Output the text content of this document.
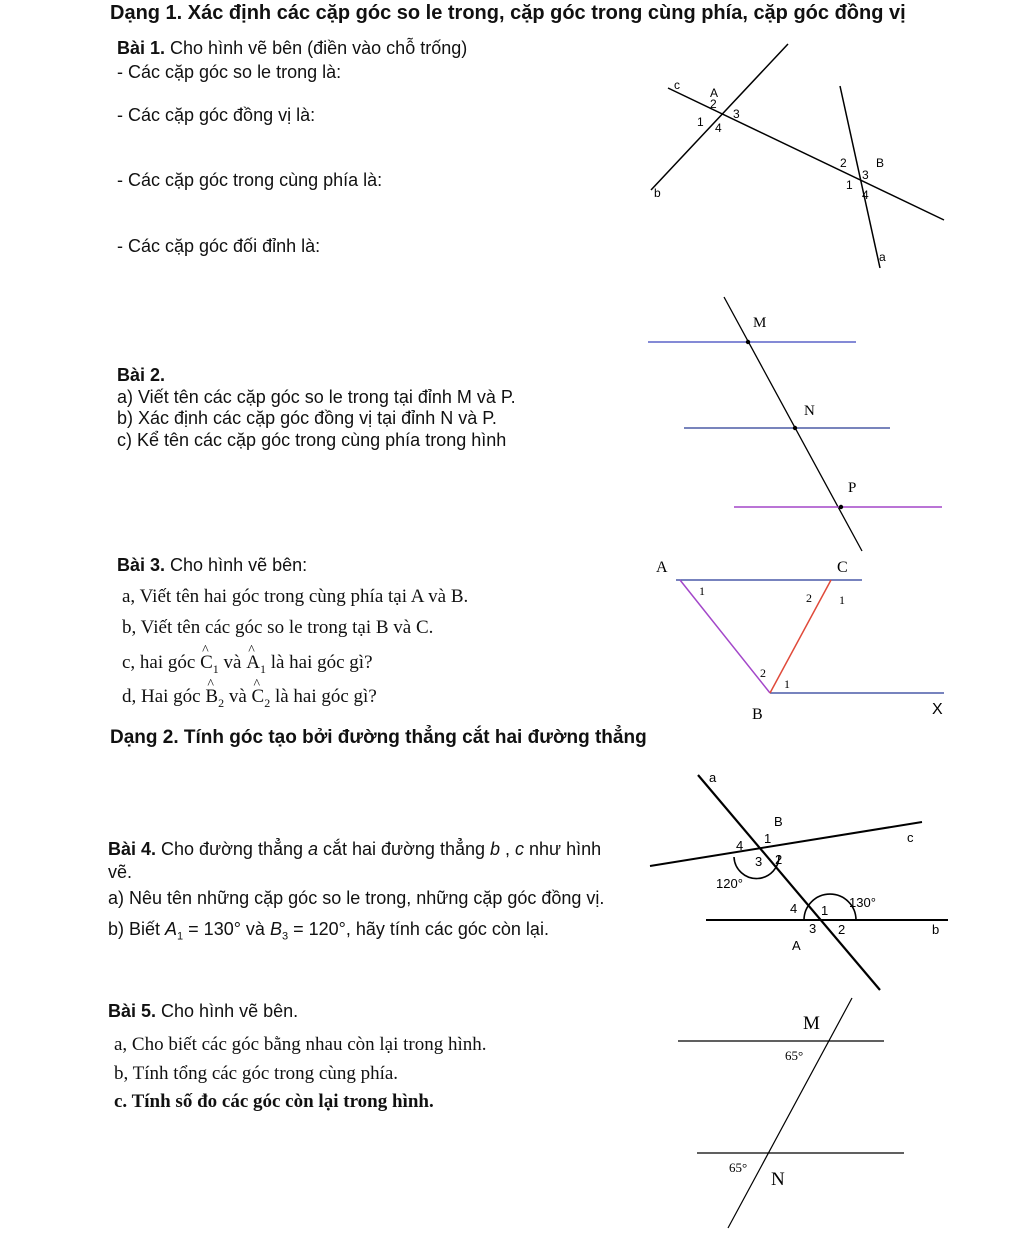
Dạng 1. Xác định các cặp góc so le trong, cặp góc trong cùng phía, cặp góc đồng vị
Bài 1. Cho hình vẽ bên (điền vào chỗ trống)
- Các cặp góc so le trong là:
- Các cặp góc đồng vị là:
- Các cặp góc trong cùng phía là:
- Các cặp góc đối đỉnh là:
c
b
a
A
2
3
1 4
B
2
3
1
4
Bài 2.
a) Viết tên các cặp góc so le trong tại đỉnh M và P.
b) Xác định các cặp góc đồng vị tại đỉnh N và P.
c) Kể tên các cặp góc trong cùng phía trong hình
M
N
P
Bài 3. Cho hình vẽ bên:
a, Viết tên hai góc trong cùng phía tại A và B.
b, Viết tên các góc so le trong tại B và C.
c, hai góc ^ $C_1$ và ^ $A_1$ là hai góc gì?
d, Hai góc ^ $B_2$ và ^ $C_2$ là hai góc gì?
A	C
B	X
1	2 1
2
1
Dạng 2. Tính góc tạo bởi đường thẳng cắt hai đường thẳng
Bài 4. Cho đường thẳng a cắt hai đường thẳng b , c như hình
vẽ.
a) Nêu tên những cặp góc so le trong, những cặp góc đồng vị.
b) Biết $A_1 = 130^\circ$ và $B_3 = 120^\circ$, hãy tính các góc còn lại.
a
c
b
B
4 1
3 2
120°
4 1
130°
3 2
A
Bài 5. Cho hình vẽ bên.
a, Cho biết các góc bằng nhau còn lại trong hình.
b, Tính tổng các góc trong cùng phía.
c. Tính số đo các góc còn lại trong hình.
M
N
65°
65°
